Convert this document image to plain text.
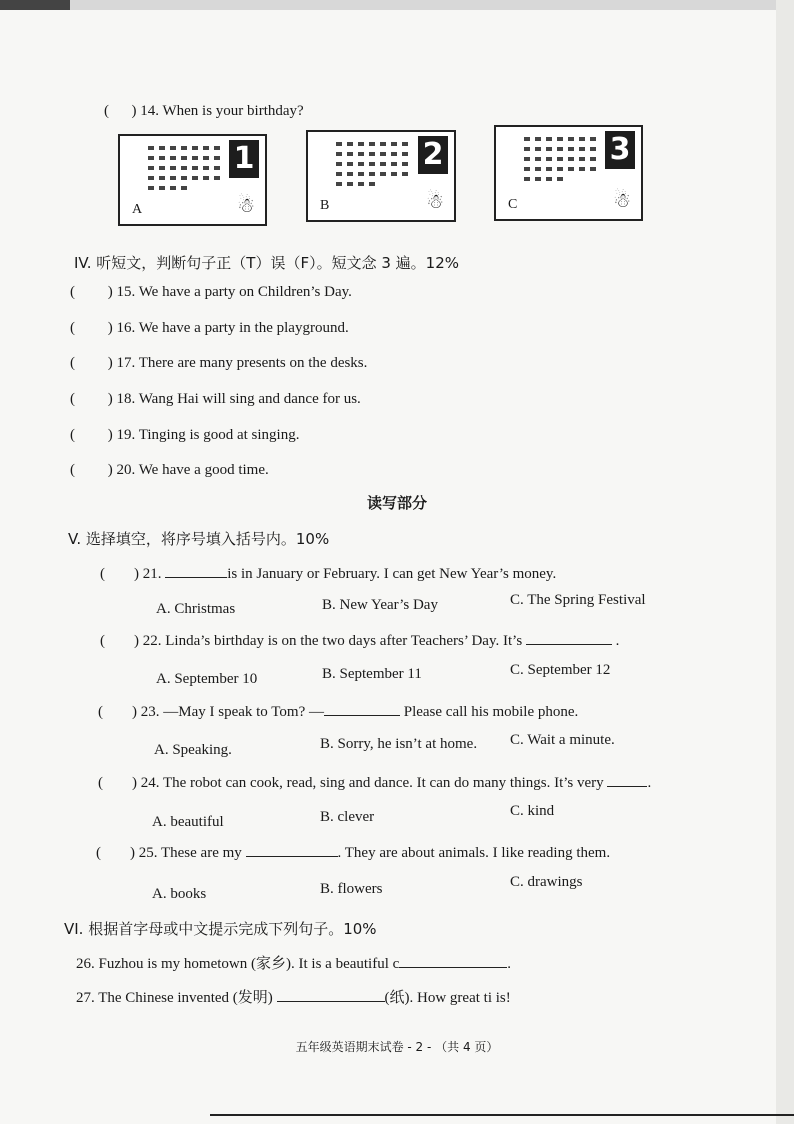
( ) 14. When is your birthday?
1
A	☃
2
B	☃
3
C	☃
IV. 听短文，判断句子正（T）误（F）。短文念 3 遍。12%
( ) 15. We have a party on Children’s Day.
( ) 16. We have a party in the playground.
( ) 17. There are many presents on the desks.
( ) 18. Wang Hai will sing and dance for us.
( ) 19. Tinging is good at singing.
( ) 20. We have a good time.
读写部分
V. 选择填空，将序号填入括号内。10%
( ) 21.	is in January or February. I can get New Year’s money.
A. Christmas	B. New Year’s Day	C. The Spring Festival
( ) 22. Linda’s birthday is on the two days after Teachers’ Day. It’s	.
A. September 10	B. September 11	C. September 12
( ) 23. —May I speak to Tom? —	Please call his mobile phone.
A. Speaking.	B. Sorry, he isn’t at home. C. Wait a minute.
( ) 24. The robot can cook, read, sing and dance. It can do many things. It’s very	.
A. beautiful	B. clever	C. kind
( ) 25. These are my	. They are about animals. I like reading them.
A. books	B. flowers	C. drawings
VI. 根据首字母或中文提示完成下列句子。10%
26. Fuzhou is my hometown (家乡). It is a beautiful c	.
27. The Chinese invented (发明)	(纸). How great ti is!
五年级英语期末试卷 - 2 - （共 4 页）
